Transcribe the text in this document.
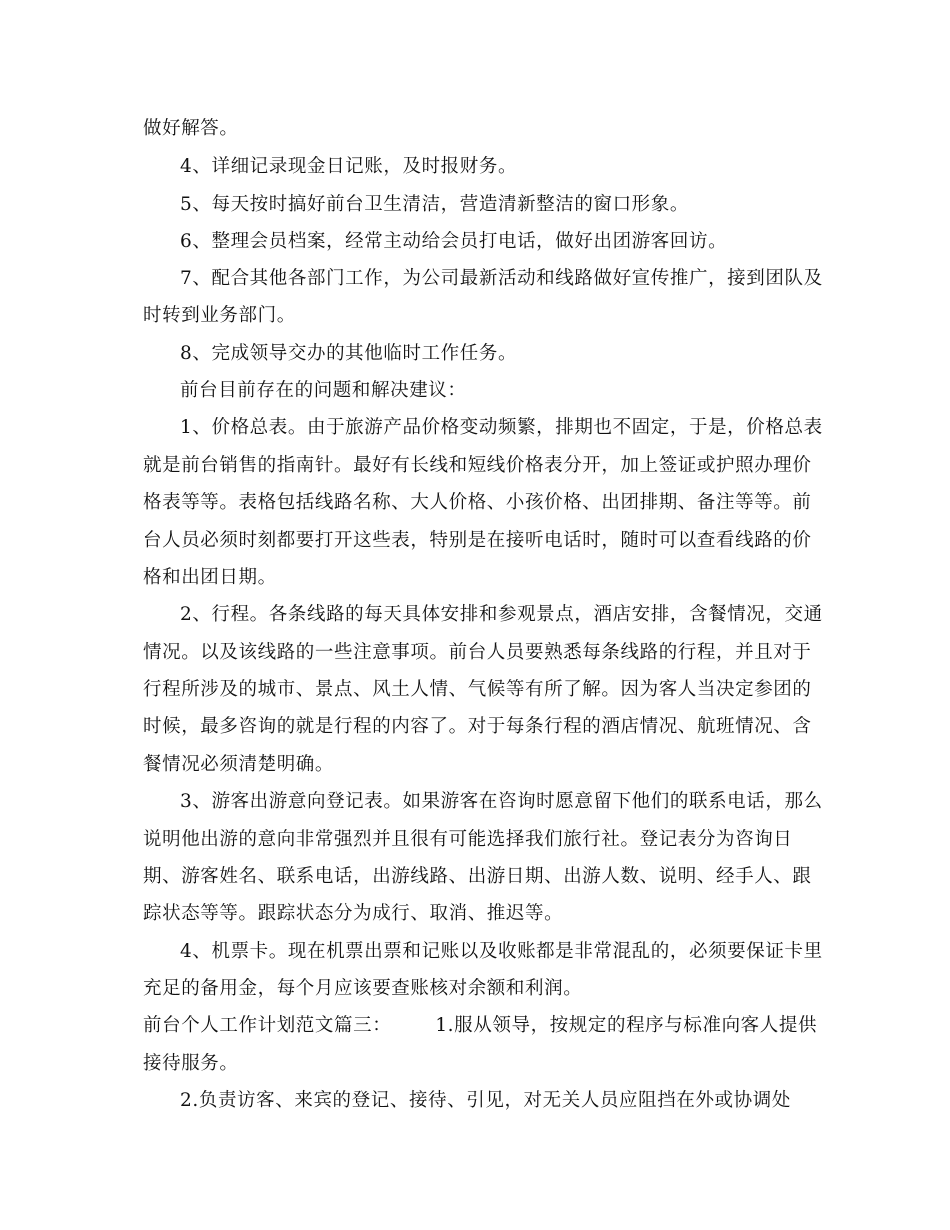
做好解答。
4、详细记录现金日记账，及时报财务。
5、每天按时搞好前台卫生清洁，营造清新整洁的窗口形象。
6、整理会员档案，经常主动给会员打电话，做好出团游客回访。
7、配合其他各部门工作，为公司最新活动和线路做好宣传推广，接到团队及
时转到业务部门。
8、完成领导交办的其他临时工作任务。
前台目前存在的问题和解决建议：
1、价格总表。由于旅游产品价格变动频繁，排期也不固定，于是，价格总表
就是前台销售的指南针。最好有长线和短线价格表分开，加上签证或护照办理价
格表等等。表格包括线路名称、大人价格、小孩价格、出团排期、备注等等。前
台人员必须时刻都要打开这些表，特别是在接听电话时，随时可以查看线路的价
格和出团日期。
2、行程。各条线路的每天具体安排和参观景点，酒店安排，含餐情况，交通
情况。以及该线路的一些注意事项。前台人员要熟悉每条线路的行程，并且对于
行程所涉及的城市、景点、风土人情、气候等有所了解。因为客人当决定参团的
时候，最多咨询的就是行程的内容了。对于每条行程的酒店情况、航班情况、含
餐情况必须清楚明确。
3、游客出游意向登记表。如果游客在咨询时愿意留下他们的联系电话，那么
说明他出游的意向非常强烈并且很有可能选择我们旅行社。登记表分为咨询日
期、游客姓名、联系电话，出游线路、出游日期、出游人数、说明、经手人、跟
踪状态等等。跟踪状态分为成行、取消、推迟等。
4、机票卡。现在机票出票和记账以及收账都是非常混乱的，必须要保证卡里
充足的备用金，每个月应该要查账核对余额和利润。
前台个人工作计划范文篇三： 1.服从领导，按规定的程序与标准向客人提供
接待服务。
2.负责访客、来宾的登记、接待、引见，对无关人员应阻挡在外或协调处
